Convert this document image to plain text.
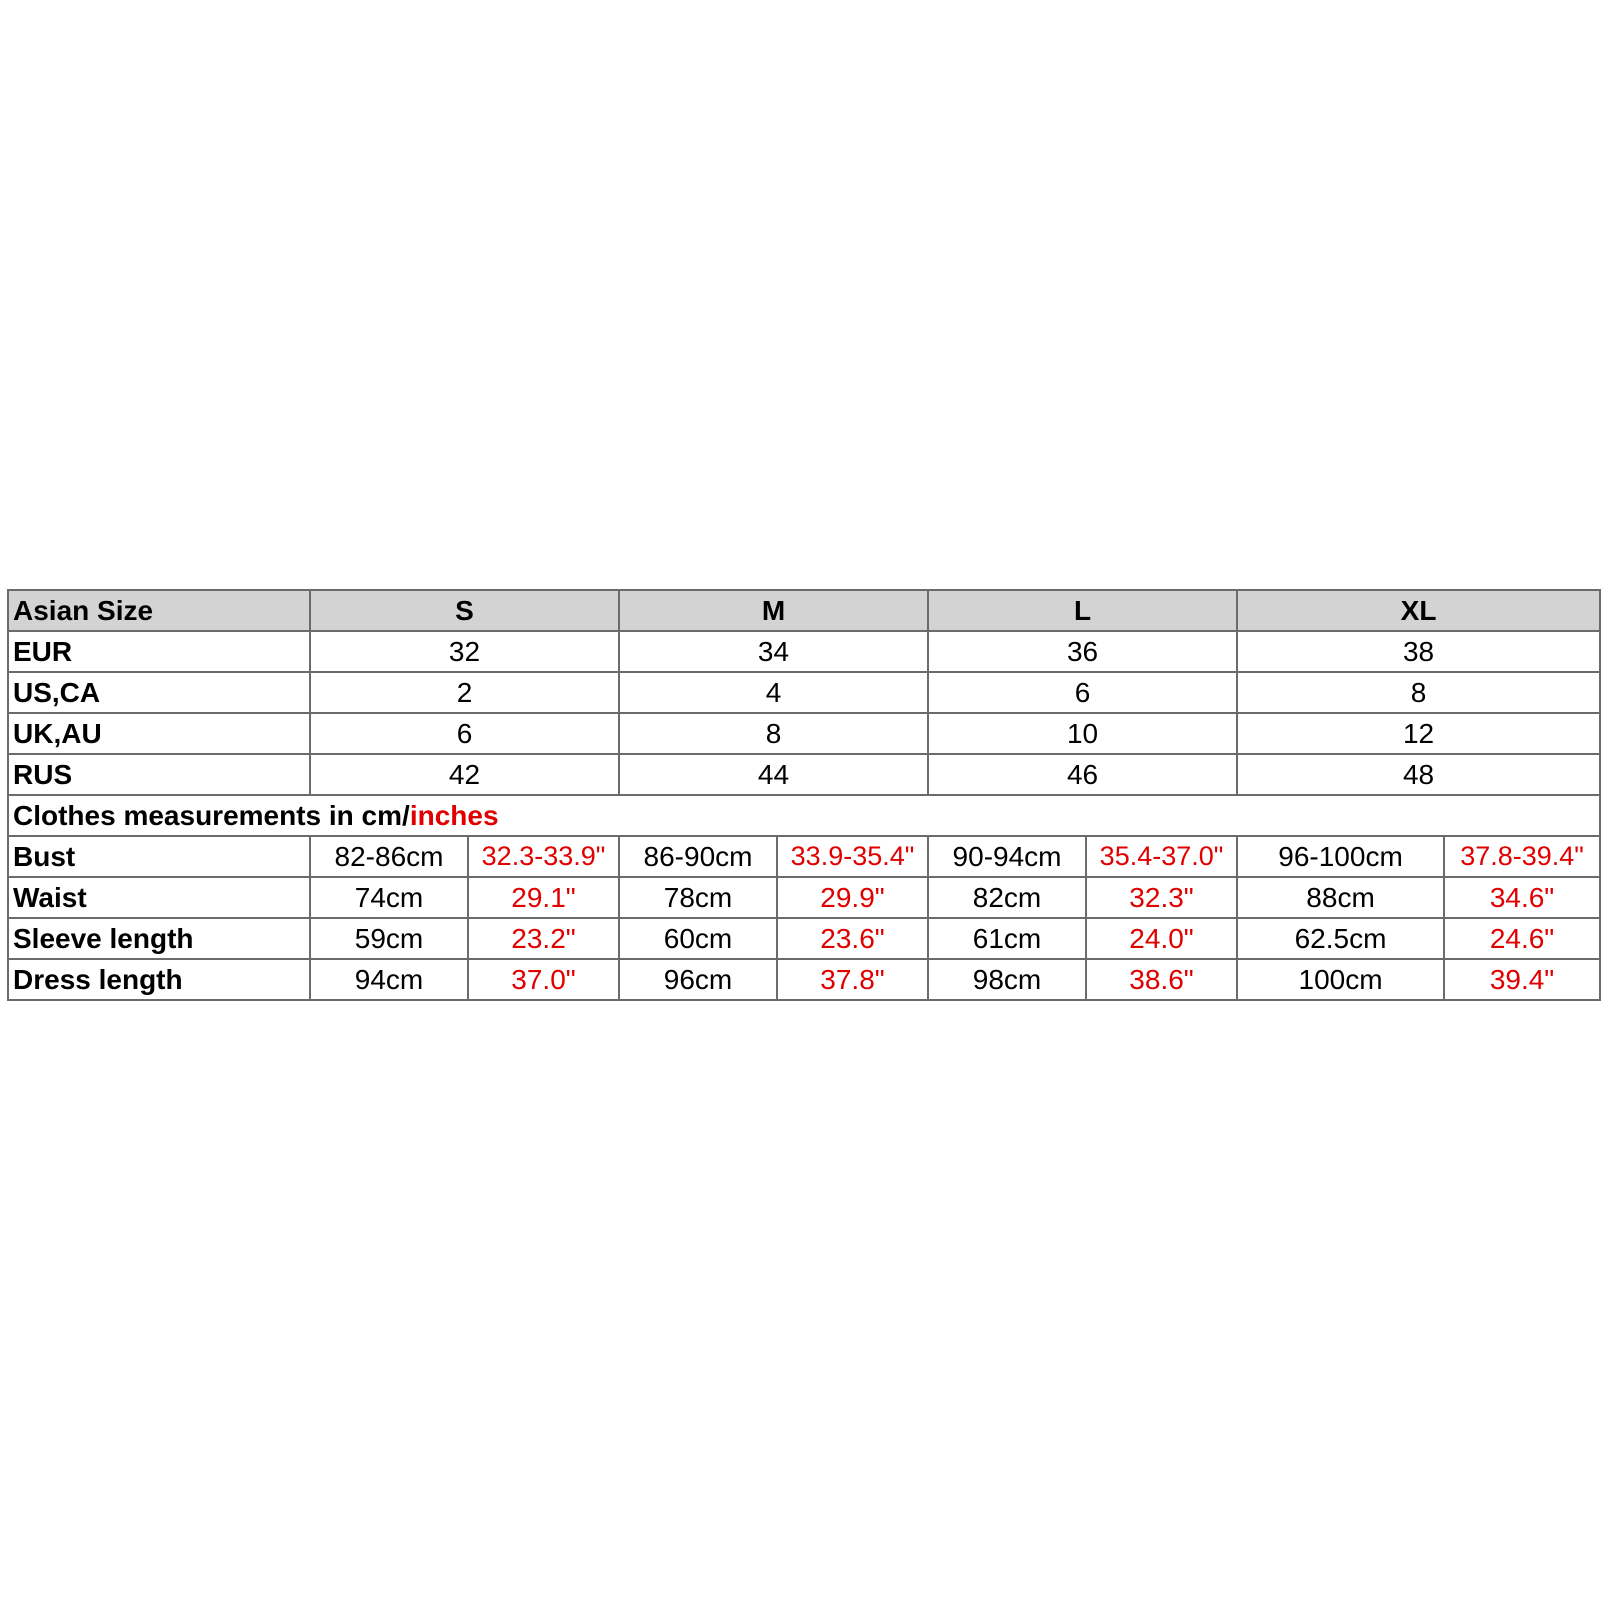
Asian Size	S		M		L		XL	
EUR	32		34		36		38	
US,CA	2		4		6		8	
UK,AU	6		8		10		12	
RUS	42		44		46		48	
Clothes measurements in cm/inches								
Bust	82-86cm	32.3-33.9"	86-90cm	33.9-35.4"	90-94cm	35.4-37.0"	96-100cm	37.8-39.4"
Waist	74cm	29.1"	78cm	29.9"	82cm	32.3"	88cm	34.6"
Sleeve length	59cm	23.2"	60cm	23.6"	61cm	24.0"	62.5cm	24.6"
Dress length	94cm	37.0"	96cm	37.8"	98cm	38.6"	100cm	39.4"
